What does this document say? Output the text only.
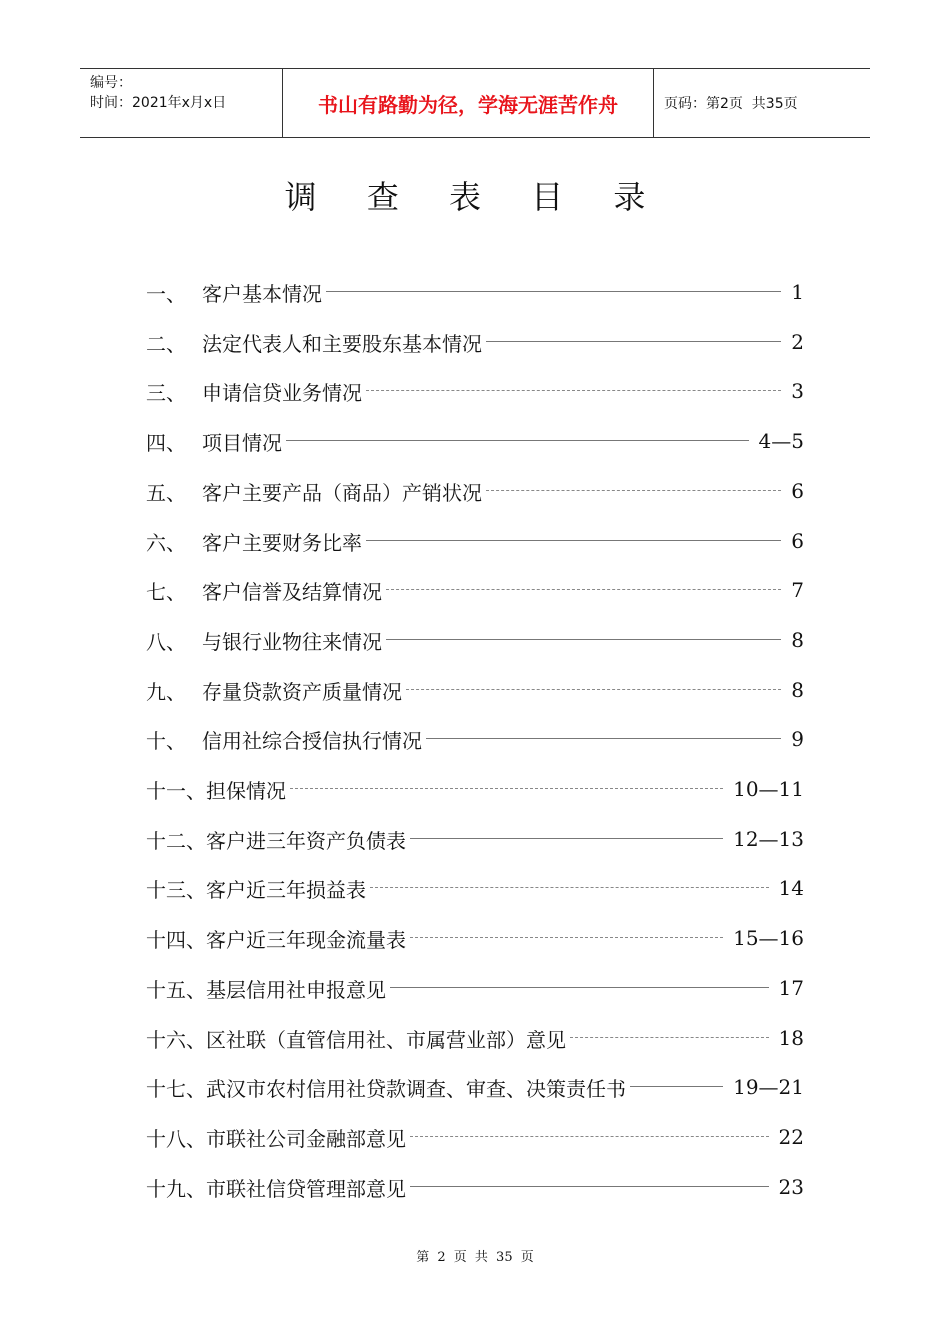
编号：
时间：2021年x月x日	书山有路勤为径，学海无涯苦作舟	页码：第2页  共35页
调 查 表 目 录
一、 客户基本情况	1
二、 法定代表人和主要股东基本情况	2
三、 申请信贷业务情况	3
四、 项目情况	4—5
五、 客户主要产品（商品）产销状况	6
六、 客户主要财务比率	6
七、 客户信誉及结算情况	7
八、 与银行业物往来情况	8
九、 存量贷款资产质量情况	8
十、 信用社综合授信执行情况	9
十一、担保情况	10—11
十二、客户进三年资产负债表	12—13
十三、客户近三年损益表	14
十四、客户近三年现金流量表	15—16
十五、基层信用社申报意见	17
十六、区社联（直管信用社、市属营业部）意见	18
十七、武汉市农村信用社贷款调查、审查、决策责任书	19—21
十八、市联社公司金融部意见	22
十九、市联社信贷管理部意见	23
第 2 页 共 35 页
